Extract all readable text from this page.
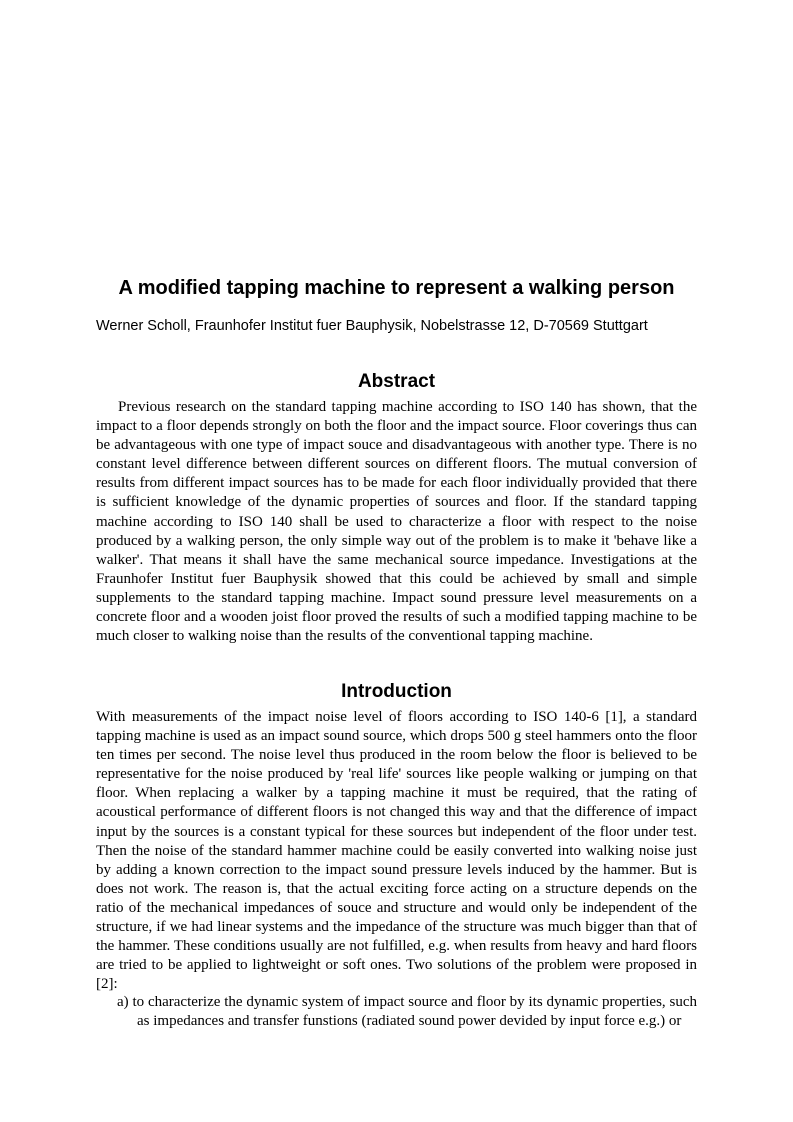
A modified tapping machine to represent a walking person

Werner Scholl, Fraunhofer Institut fuer Bauphysik, Nobelstrasse 12, D-70569 Stuttgart

Abstract

Previous research on the standard tapping machine according to ISO 140 has shown, that the impact to a floor depends strongly on both the floor and the impact source. Floor coverings thus can be advantageous with one type of impact souce and disadvantageous with another type. There is no constant level difference between different sources on different floors. The mutual conversion of results from different impact sources has to be made for each floor individually provided that there is sufficient knowledge of the dynamic properties of sources and floor. If the standard tapping machine according to ISO 140 shall be used to characterize a floor with respect to the noise produced by a walking person, the only simple way out of the problem is to make it 'behave like a walker'. That means it shall have the same mechanical source impedance. Investigations at the Fraunhofer Institut fuer Bauphysik showed that this could be achieved by small and simple supplements to the standard tapping machine. Impact sound pressure level measurements on a concrete floor and a wooden joist floor proved the results of such a modified tapping machine to be much closer to walking noise than the results of the conventional tapping machine.

Introduction

With measurements of the impact noise level of floors according to ISO 140-6 [1], a standard tapping machine is used as an impact sound source, which drops 500 g steel hammers onto the floor ten times per second. The noise level thus produced in the room below the floor is believed to be representative for the noise produced by 'real life' sources like people walking or jumping on that floor. When replacing a walker by a tapping machine it must be required, that the rating of acoustical performance of different floors is not changed this way and that the difference of impact input by the sources is a constant typical for these sources but independent of the floor under test. Then the noise of the standard hammer machine could be easily converted into walking noise just by adding a known correction to the impact sound pressure levels induced by the hammer. But is does not work. The reason is, that the actual exciting force acting on a structure depends on the ratio of the mechanical impedances of souce and structure and would only be independent of the structure, if we had linear systems and the impedance of the structure was much bigger than that of the hammer. These conditions usually are not fulfilled, e.g. when results from heavy and hard floors are tried to be applied to lightweight or soft ones. Two solutions of the problem were proposed in [2]:

a) to characterize the dynamic system of impact source and floor by its dynamic properties, such as impedances and transfer funstions (radiated sound power devided by input force e.g.) or
